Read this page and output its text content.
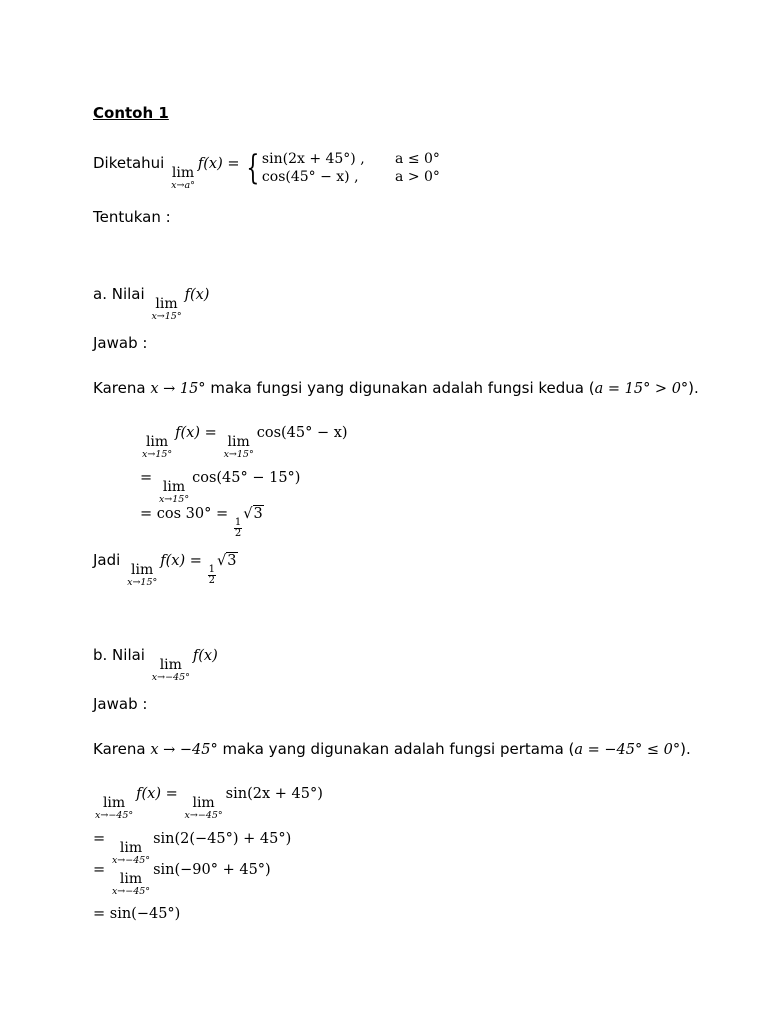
Contoh 1
Diketahui
lim
x→a°
f(x) = { sin(2x + 45°) ,	a ≤ 0°
cos(45° − x) ,	a > 0°
Tentukan :
a. Nilai
lim
x→15°
f(x)
Jawab :
Karena x → 15° maka fungsi yang digunakan adalah fungsi kedua (a = 15° > 0°).
lim
x→15°
f(x) =
lim
x→15°
cos(45° − x)
=
lim
x→15°
cos(45° − 15°)
= cos 30° =
$\frac{1}{2}$
√3
Jadi
lim
x→15°
f(x) =
$\frac{1}{2}$
√3
b. Nilai
lim
x→−45°
f(x)
Jawab :
Karena x → −45° maka yang digunakan adalah fungsi pertama (a = −45° ≤ 0°).
lim
x→−45°
f(x) =
lim
x→−45°
sin(2x + 45°)
=
lim
x→−45°
sin(2(−45°) + 45°)
=
lim
x→−45°
sin(−90° + 45°)
= sin(−45°)
